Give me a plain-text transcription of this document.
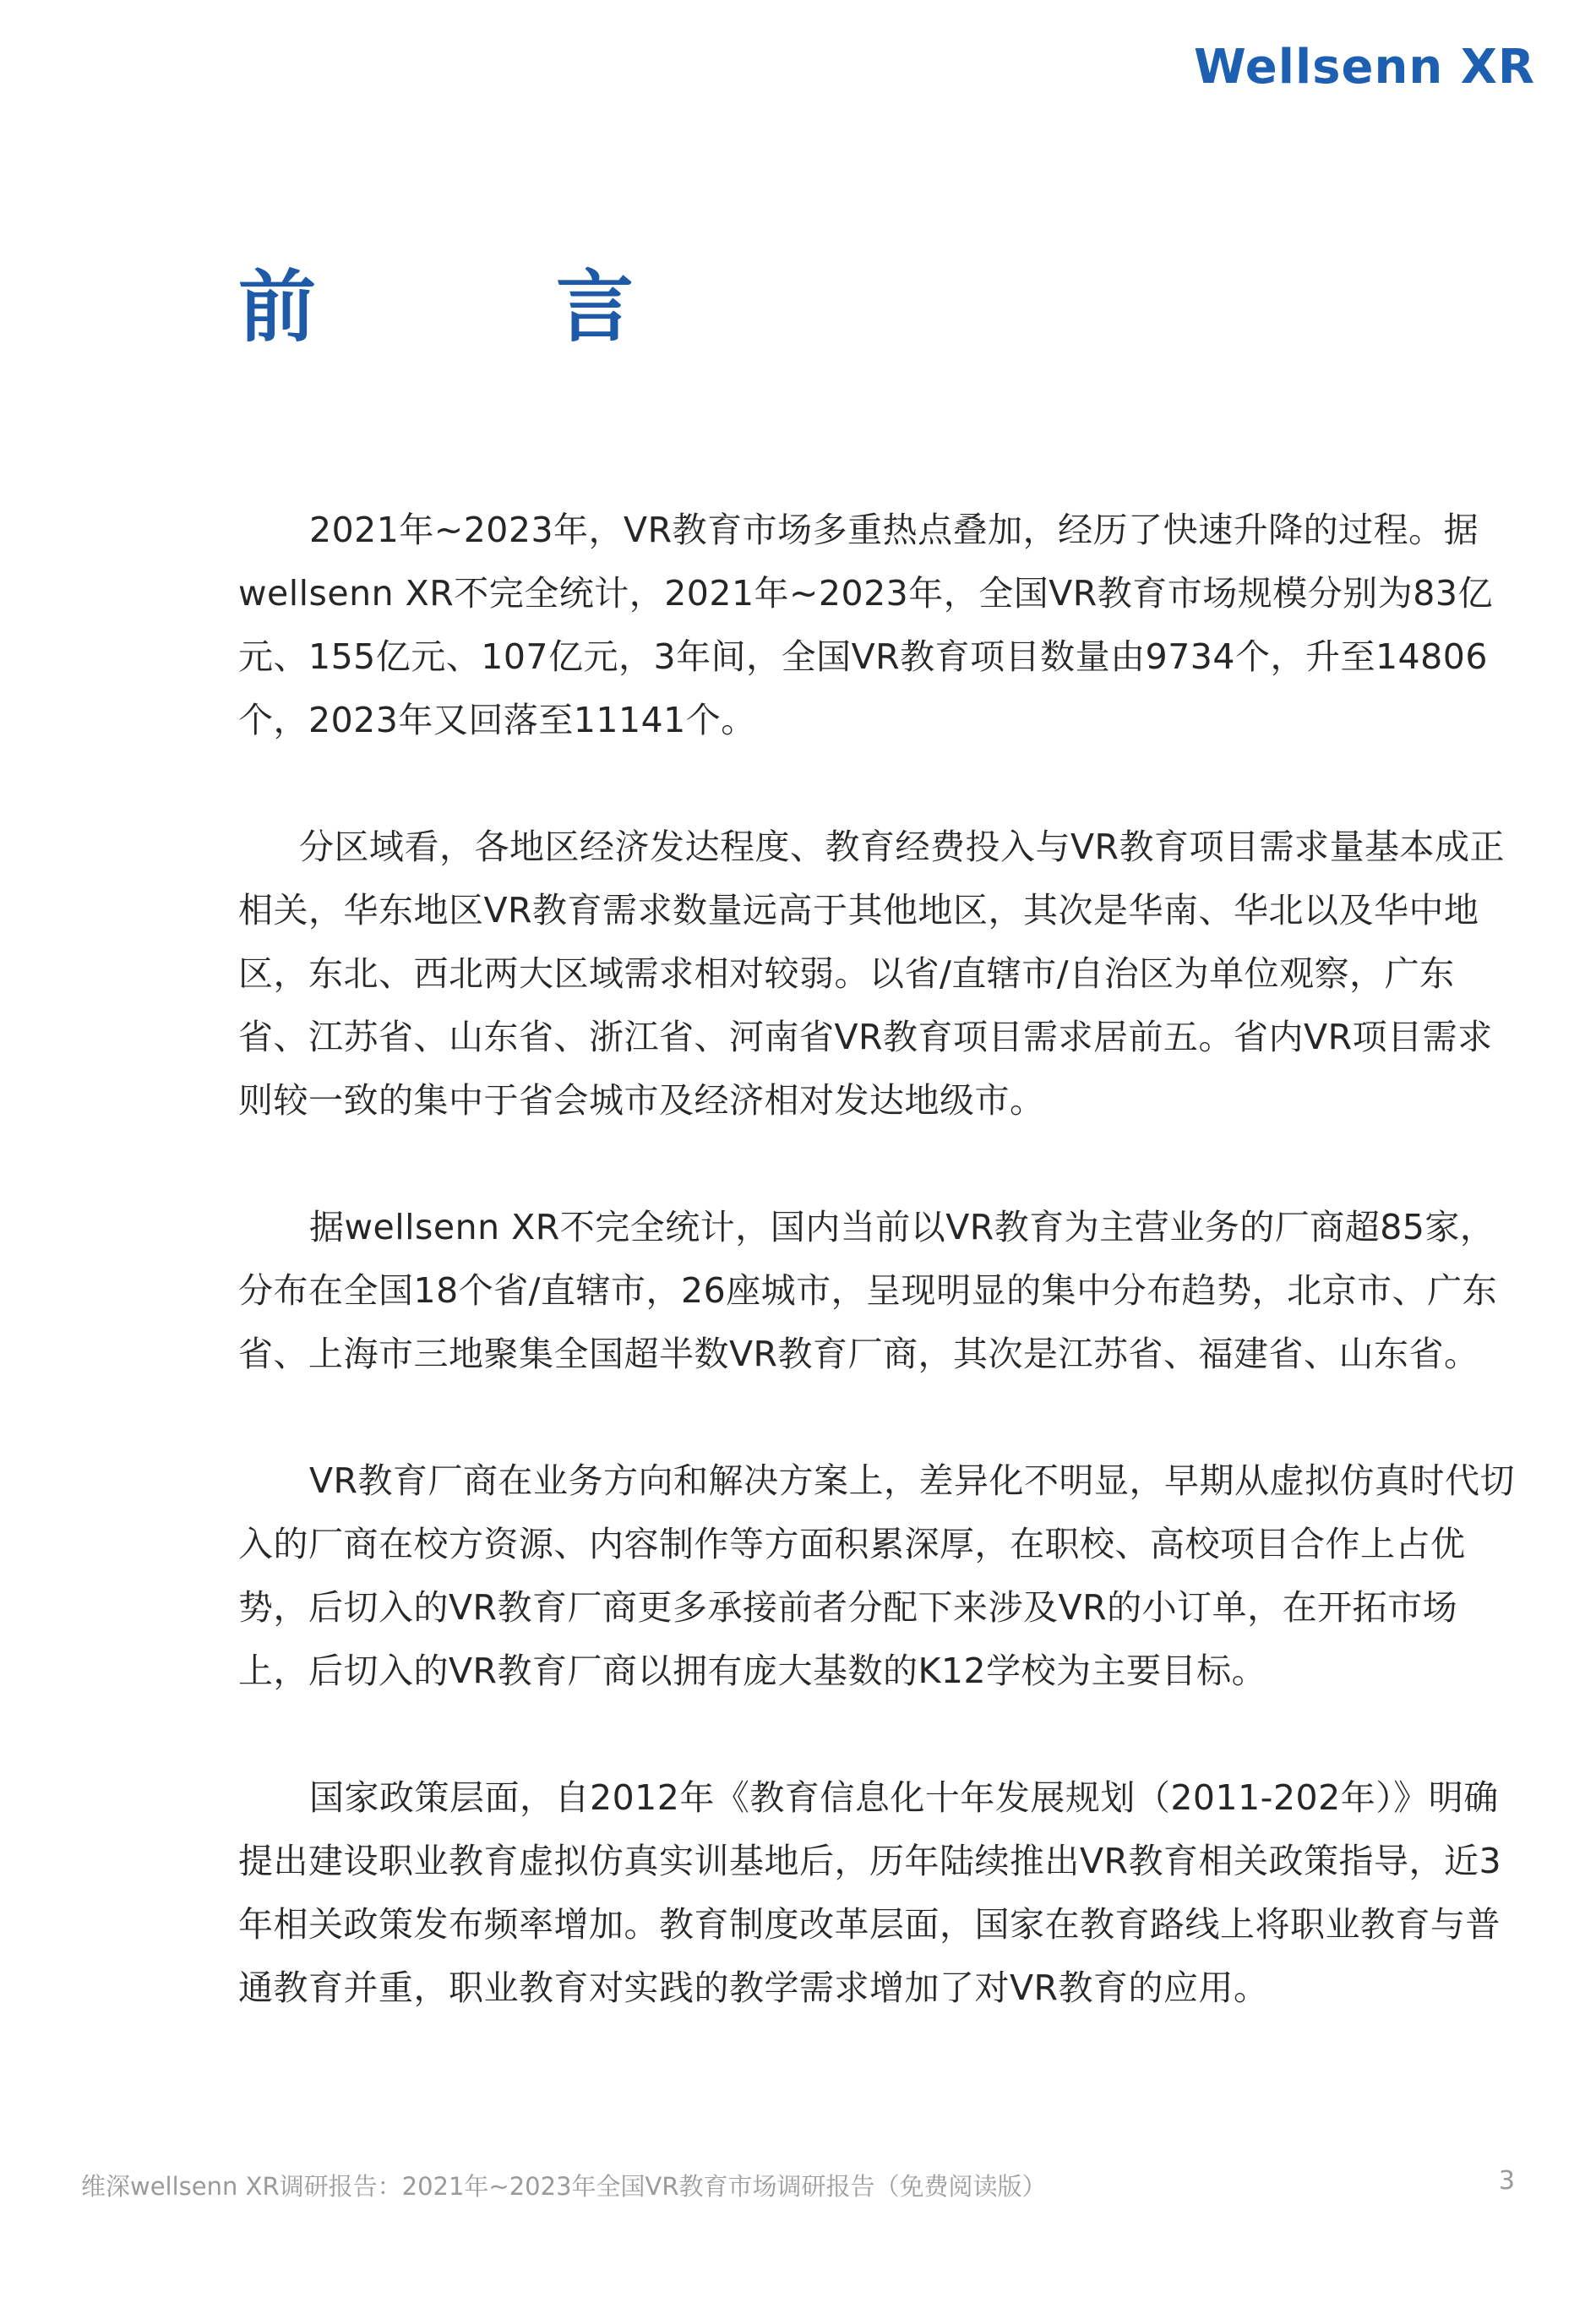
Wellsenn XR
前　言

2021年~2023年，VR教育市场多重热点叠加，经历了快速升降的过程。据wellsenn XR不完全统计，2021年~2023年，全国VR教育市场规模分别为83亿元、155亿元、107亿元，3年间，全国VR教育项目数量由9734个，升至14806个，2023年又回落至11141个。

分区域看，各地区经济发达程度、教育经费投入与VR教育项目需求量基本成正相关，华东地区VR教育需求数量远高于其他地区，其次是华南、华北以及华中地区，东北、西北两大区域需求相对较弱。以省/直辖市/自治区为单位观察，广东省、江苏省、山东省、浙江省、河南省VR教育项目需求居前五。省内VR项目需求则较一致的集中于省会城市及经济相对发达地级市。

据wellsenn XR不完全统计，国内当前以VR教育为主营业务的厂商超85家，分布在全国18个省/直辖市，26座城市，呈现明显的集中分布趋势，北京市、广东省、上海市三地聚集全国超半数VR教育厂商，其次是江苏省、福建省、山东省。

VR教育厂商在业务方向和解决方案上，差异化不明显，早期从虚拟仿真时代切入的厂商在校方资源、内容制作等方面积累深厚，在职校、高校项目合作上占优势，后切入的VR教育厂商更多承接前者分配下来涉及VR的小订单，在开拓市场上，后切入的VR教育厂商以拥有庞大基数的K12学校为主要目标。

国家政策层面，自2012年《教育信息化十年发展规划（2011-202年）》明确提出建设职业教育虚拟仿真实训基地后，历年陆续推出VR教育相关政策指导，近3年相关政策发布频率增加。教育制度改革层面，国家在教育路线上将职业教育与普通教育并重，职业教育对实践的教学需求增加了对VR教育的应用。

维深wellsenn XR调研报告：2021年~2023年全国VR教育市场调研报告（免费阅读版）	3
